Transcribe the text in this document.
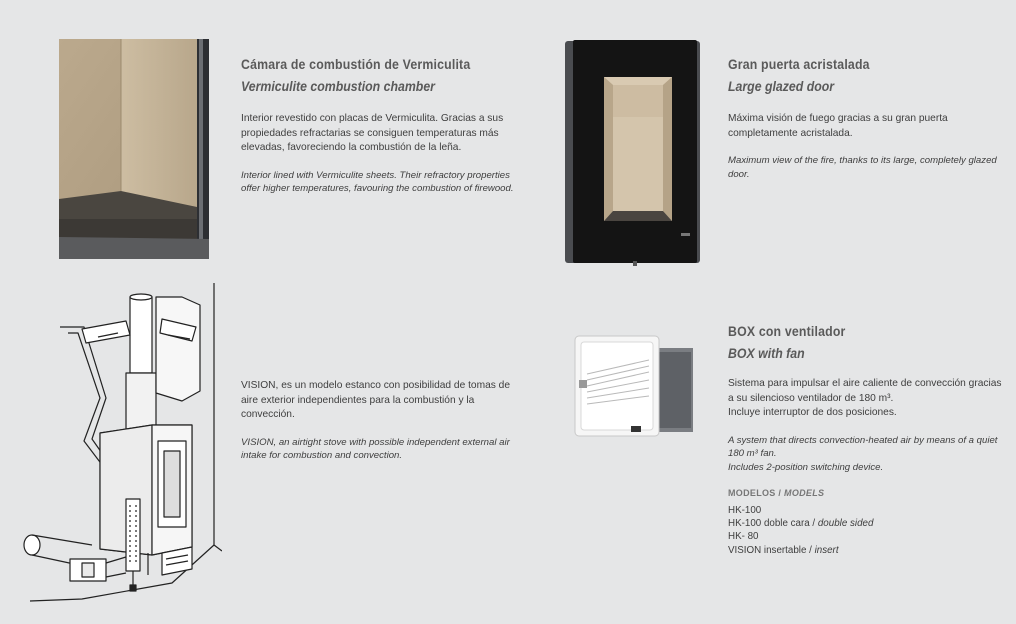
Cámara de combustión de Vermiculita
Vermiculite combustion chamber
Interior revestido con placas de Vermiculita. Gracias a sus propiedades refractarias se consiguen temperaturas más elevadas, favoreciendo la combustión de la leña.
Interior lined with Vermiculite sheets. Their refractory properties offer higher temperatures, favouring the combustion of firewood.
Gran puerta acristalada
Large glazed door
Máxima visión de fuego gracias a su gran puerta completamente acristalada.
Maximum view of the fire, thanks to its large, completely glazed door.
VISION, es un modelo estanco con posibilidad de tomas de aire exterior independientes para la combustión y la convección.
VISION, an airtight stove with possible independent external air intake for combustion and convection.
BOX con ventilador
BOX with fan
Sistema para impulsar el aire caliente de convección gracias a su silencioso ventilador de 180 m³.
Incluye interruptor de dos posiciones.
A system that directs convection-heated air by means of a quiet 180 m³ fan.
Includes 2-position switching device.
MODELOS / MODELS
HK-100
HK-100 doble cara / double sided
HK- 80
VISION insertable / insert
